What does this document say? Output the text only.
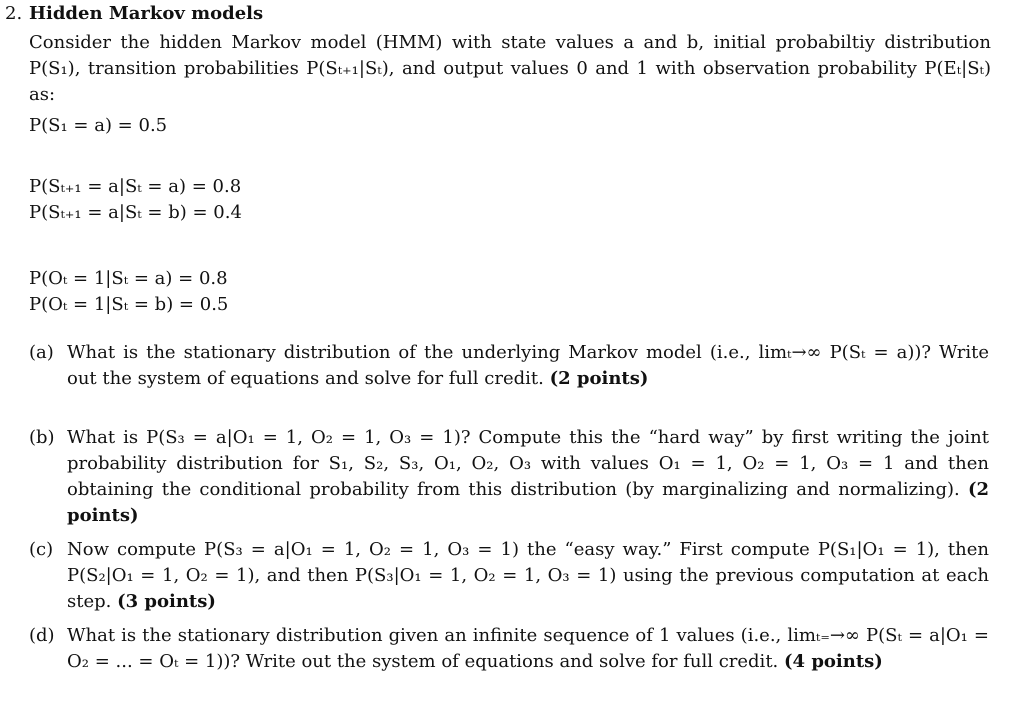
2. Hidden Markov models
Consider the hidden Markov model (HMM) with state values a and b, initial probabiltiy distribution P(S₁), transition probabilities P(Sₜ₊₁|Sₜ), and output values 0 and 1 with observation probability P(Eₜ|Sₜ) as:
P(S₁ = a) = 0.5
P(Sₜ₊₁ = a|Sₜ = a) = 0.8
P(Sₜ₊₁ = a|Sₜ = b) = 0.4
P(Oₜ = 1|Sₜ = a) = 0.8
P(Oₜ = 1|Sₜ = b) = 0.5
(a) What is the stationary distribution of the underlying Markov model (i.e., limₜ→∞ P(Sₜ = a))? Write out the system of equations and solve for full credit. (2 points)
(b) What is P(S₃ = a|O₁ = 1, O₂ = 1, O₃ = 1)? Compute this the “hard way” by first writing the joint probability distribution for S₁, S₂, S₃, O₁, O₂, O₃ with values O₁ = 1, O₂ = 1, O₃ = 1 and then obtaining the conditional probability from this distribution (by marginalizing and normalizing). (2 points)
(c) Now compute P(S₃ = a|O₁ = 1, O₂ = 1, O₃ = 1) the “easy way.” First compute P(S₁|O₁ = 1), then P(S₂|O₁ = 1, O₂ = 1), and then P(S₃|O₁ = 1, O₂ = 1, O₃ = 1) using the previous computation at each step. (3 points)
(d) What is the stationary distribution given an infinite sequence of 1 values (i.e., limₜ₌→∞ P(Sₜ = a|O₁ = O₂ = ... = Oₜ = 1))? Write out the system of equations and solve for full credit. (4 points)
